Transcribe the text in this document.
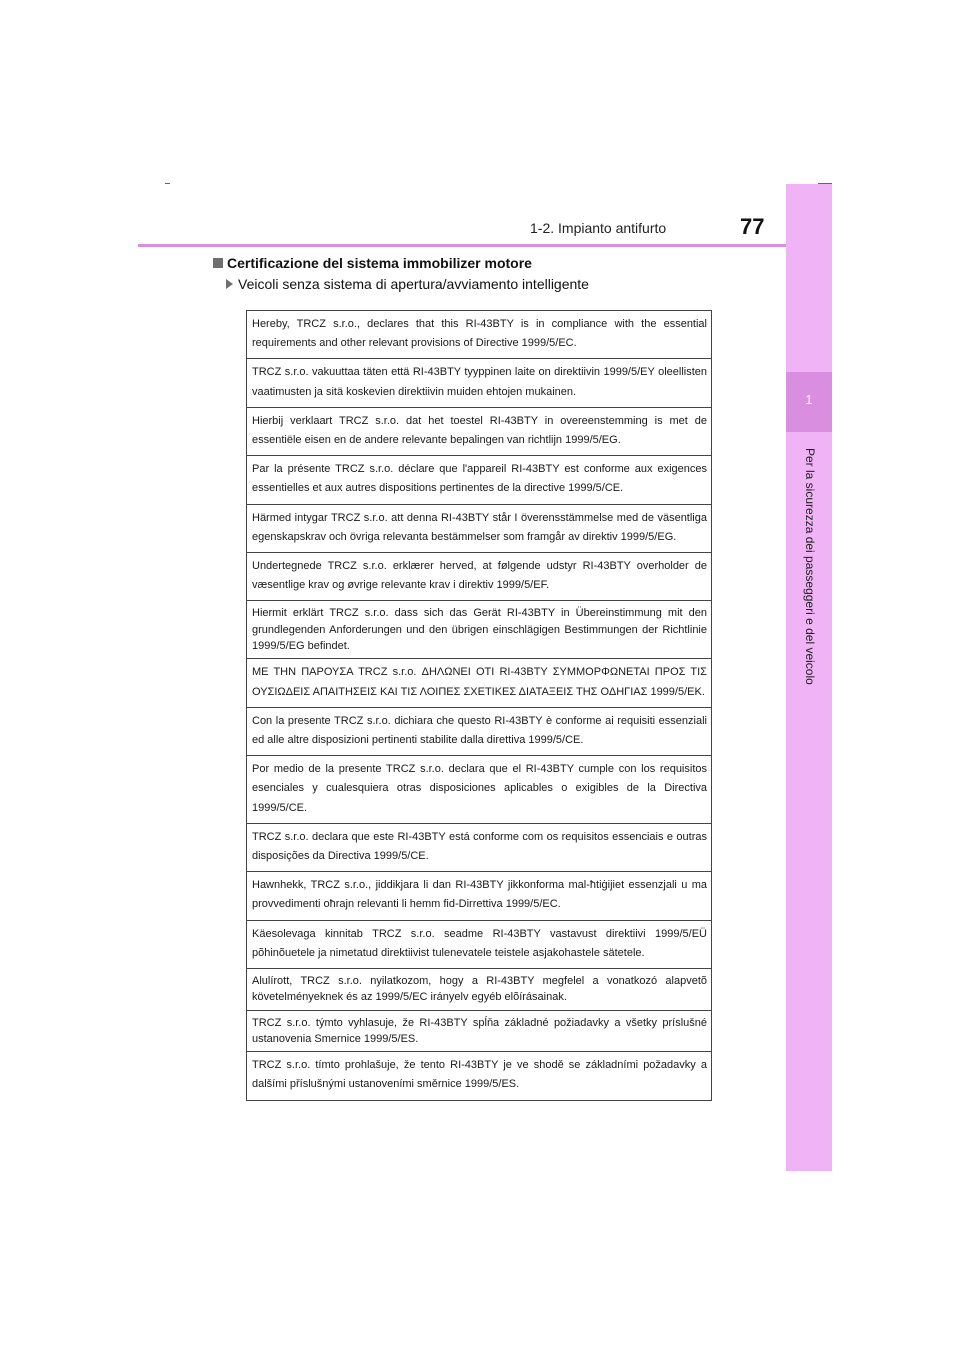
77
1-2. Impianto antifurto
1
Per la sicurezza dei passeggeri e del veicolo
Certificazione del sistema immobilizer motore
Veicoli senza sistema di apertura/avviamento intelligente
Hereby, TRCZ s.r.o., declares that this RI-43BTY is in compliance with the essential requirements and other relevant provisions of Directive 1999/5/EC.
TRCZ s.r.o. vakuuttaa täten että RI-43BTY tyyppinen laite on direktiivin 1999/5/EY oleellisten vaatimusten ja sitä koskevien direktiivin muiden ehtojen mukainen.
Hierbij verklaart TRCZ s.r.o. dat het toestel RI-43BTY in overeenstemming is met de essentiële eisen en de andere relevante bepalingen van richtlijn 1999/5/EG.
Par la présente TRCZ s.r.o. déclare que l'appareil RI-43BTY est conforme aux exigences essentielles et aux autres dispositions pertinentes de la directive 1999/5/CE.
Härmed intygar TRCZ s.r.o. att denna RI-43BTY står I överensstämmelse med de väsentliga egenskapskrav och övriga relevanta bestämmelser som framgår av direktiv 1999/5/EG.
Undertegnede TRCZ s.r.o. erklærer herved, at følgende udstyr RI-43BTY overholder de væsentlige krav og øvrige relevante krav i direktiv 1999/5/EF.
Hiermit erklärt TRCZ s.r.o. dass sich das Gerät RI-43BTY in Übereinstimmung mit den grundlegenden Anforderungen und den übrigen einschlägigen Bestimmungen der Richtlinie 1999/5/EG befindet.
ΜΕ ΤΗΝ ΠΑΡΟΥΣΑ TRCZ s.r.o. ΔΗΛΩΝΕΙ ΟΤΙ RI-43BTY ΣΥΜΜΟΡΦΩΝΕΤΑΙ ΠΡΟΣ ΤΙΣ ΟΥΣΙΩΔΕΙΣ ΑΠΑΙΤΗΣΕΙΣ ΚΑΙ ΤΙΣ ΛΟΙΠΕΣ ΣΧΕΤΙΚΕΣ ΔΙΑΤΑΞΕΙΣ ΤΗΣ ΟΔΗΓΙΑΣ 1999/5/ΕΚ.
Con la presente TRCZ s.r.o. dichiara che questo RI-43BTY è conforme ai requisiti essenziali ed alle altre disposizioni pertinenti stabilite dalla direttiva 1999/5/CE.
Por medio de la presente TRCZ s.r.o. declara que el RI-43BTY cumple con los requisitos esenciales y cualesquiera otras disposiciones aplicables o exigibles de la Directiva 1999/5/CE.
TRCZ s.r.o. declara que este RI-43BTY está conforme com os requisitos essenciais e outras disposições da Directiva 1999/5/CE.
Hawnhekk, TRCZ s.r.o., jiddikjara li dan RI-43BTY jikkonforma mal-ħtiġijiet essenzjali u ma provvedimenti oħrajn relevanti li hemm fid-Dirrettiva 1999/5/EC.
Käesolevaga kinnitab TRCZ s.r.o. seadme RI-43BTY vastavust direktiivi 1999/5/EÜ põhinõuetele ja nimetatud direktiivist tulenevatele teistele asjakohastele sätetele.
Alulírott, TRCZ s.r.o. nyilatkozom, hogy a RI-43BTY megfelel a vonatkozó alapvetõ követelményeknek és az 1999/5/EC irányelv egyéb elõírásainak.
TRCZ s.r.o. týmto vyhlasuje, že RI-43BTY spĺňa základné požiadavky a všetky príslušné ustanovenia Smernice 1999/5/ES.
TRCZ s.r.o. tímto prohlašuje, že tento RI-43BTY je ve shodě se základními požadavky a dalšími příslušnými ustanoveními směrnice 1999/5/ES.
